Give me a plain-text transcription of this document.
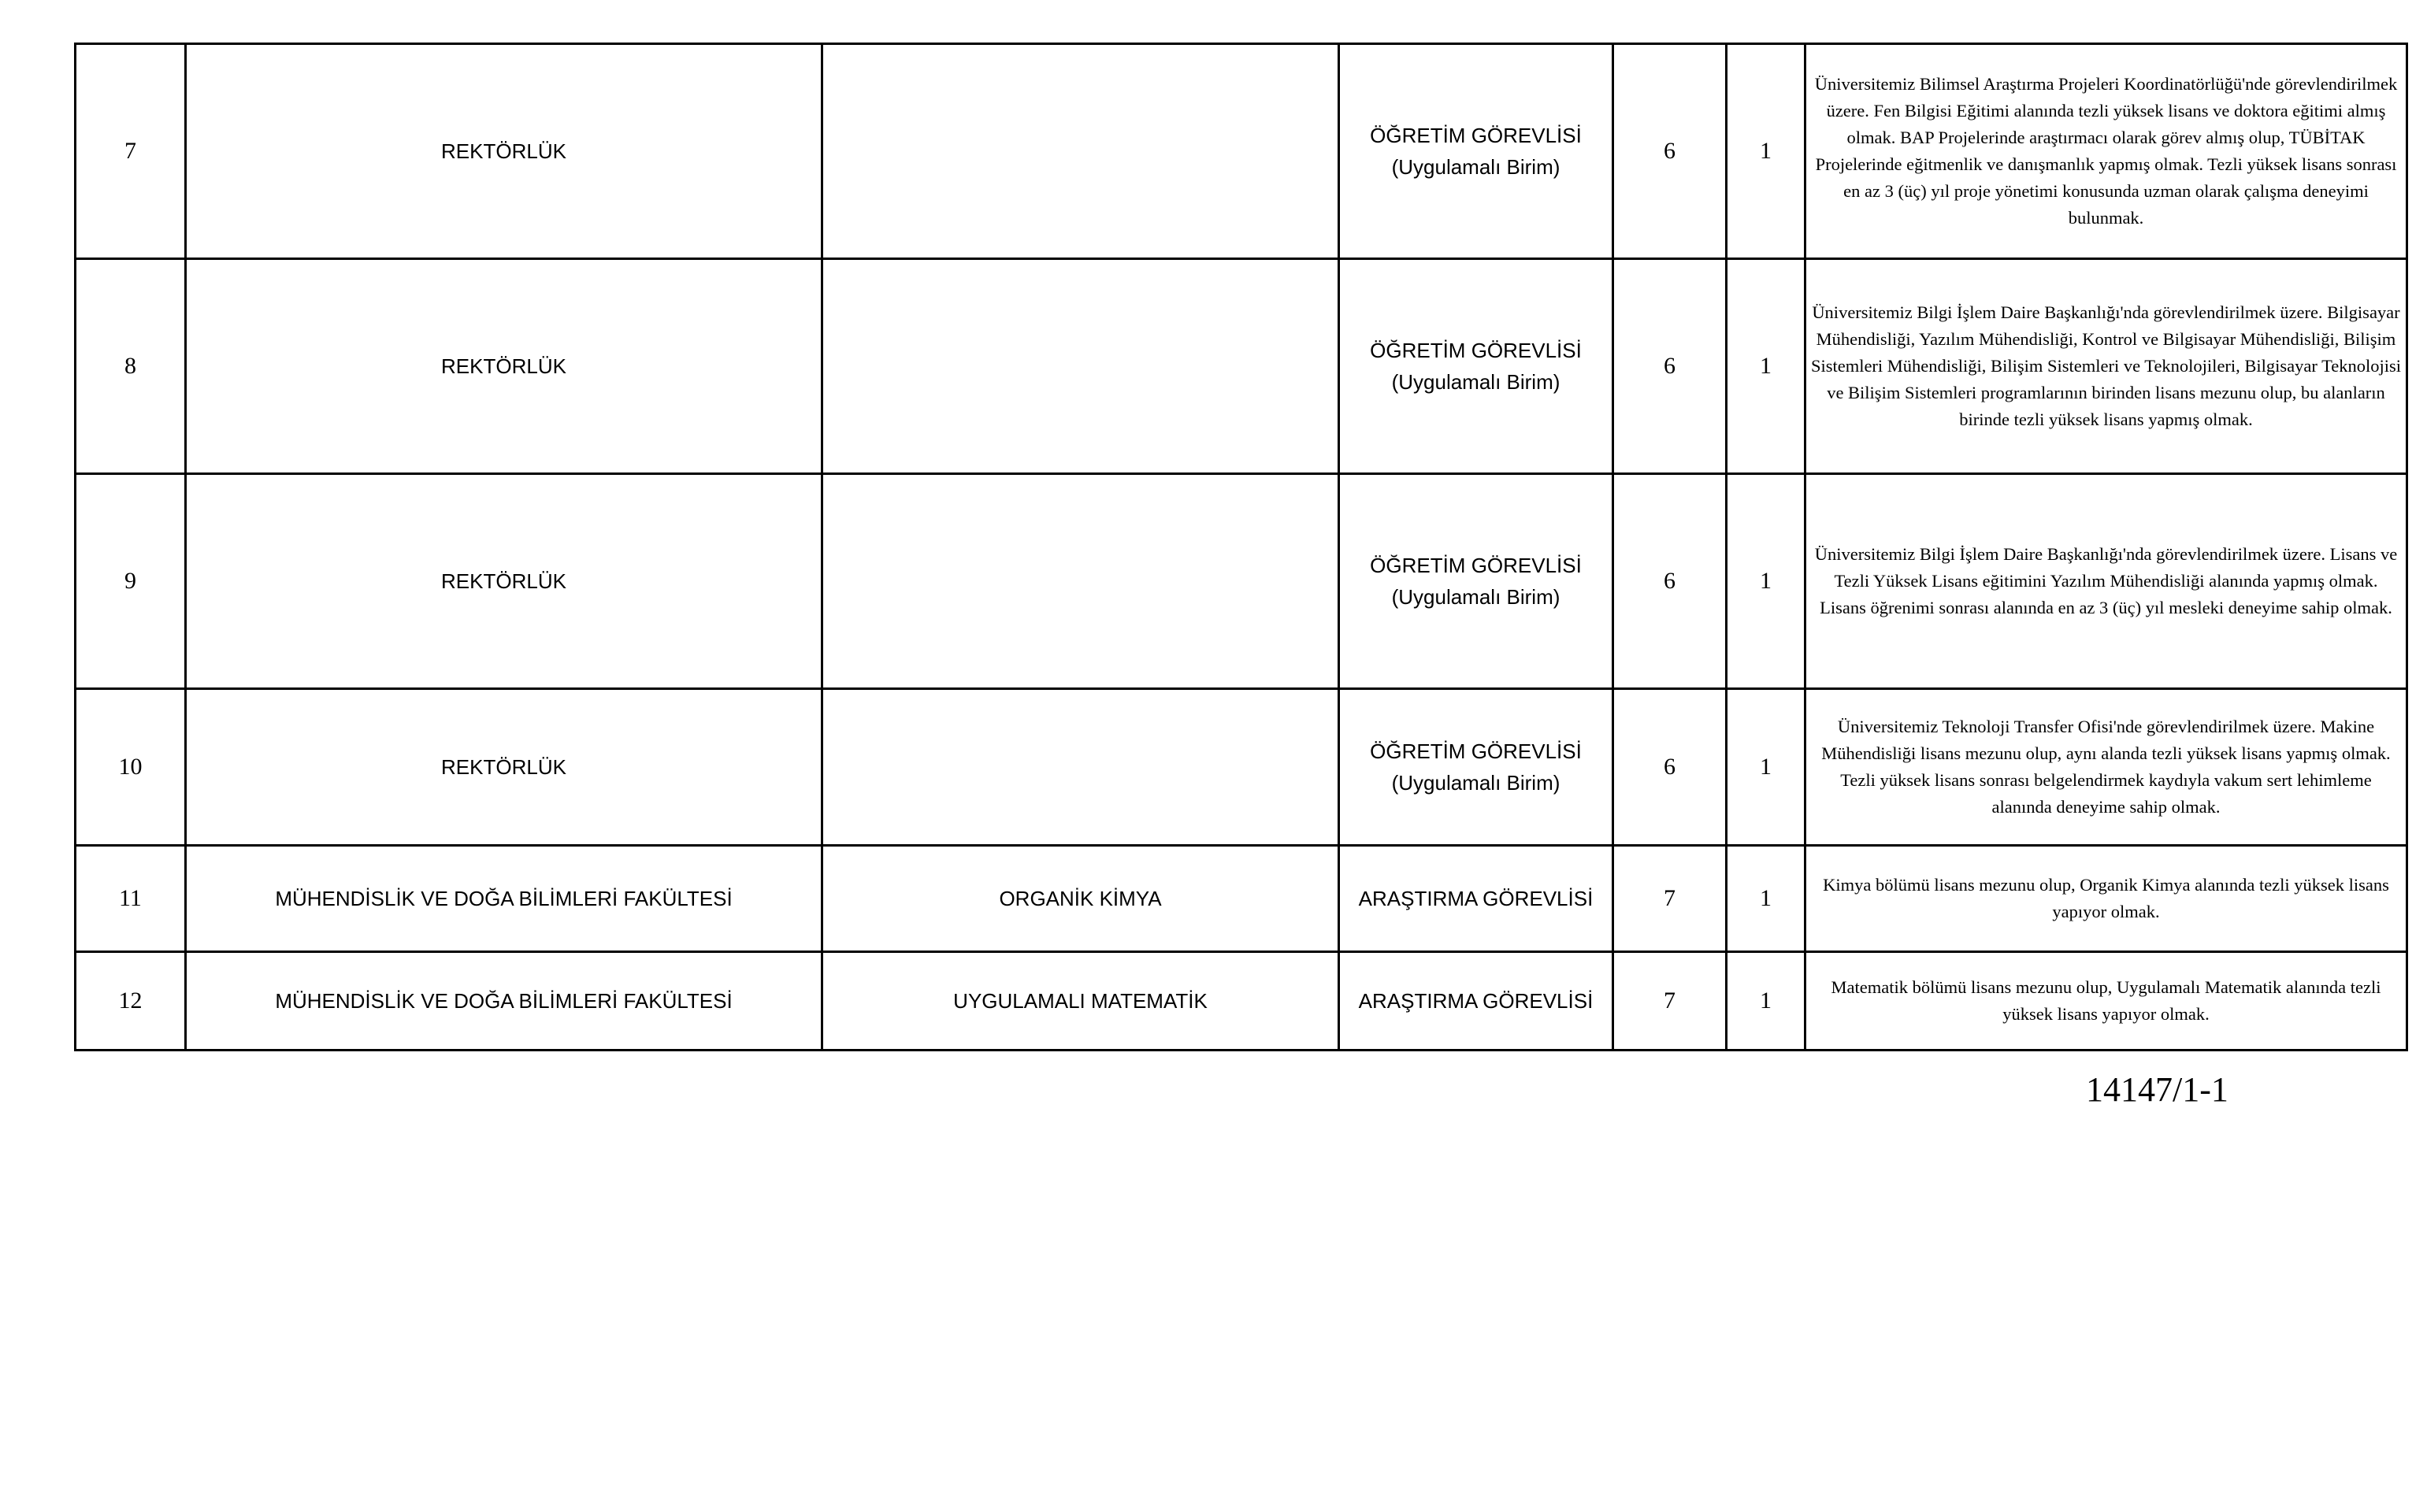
7	REKTÖRLÜK		ÖĞRETİM GÖREVLİSİ
(Uygulamalı Birim)	6	1	Üniversitemiz Bilimsel Araştırma Projeleri Koordinatörlüğü'nde görevlendirilmek üzere. Fen Bilgisi Eğitimi alanında tezli yüksek lisans ve doktora eğitimi almış olmak. BAP Projelerinde araştırmacı olarak görev almış olup, TÜBİTAK Projelerinde eğitmenlik ve danışmanlık yapmış olmak. Tezli yüksek lisans sonrası en az 3 (üç) yıl proje yönetimi konusunda uzman olarak çalışma deneyimi bulunmak.
8	REKTÖRLÜK		ÖĞRETİM GÖREVLİSİ
(Uygulamalı Birim)	6	1	Üniversitemiz Bilgi İşlem Daire Başkanlığı'nda görevlendirilmek üzere. Bilgisayar Mühendisliği, Yazılım Mühendisliği, Kontrol ve Bilgisayar Mühendisliği, Bilişim Sistemleri Mühendisliği, Bilişim Sistemleri ve Teknolojileri, Bilgisayar Teknolojisi ve Bilişim Sistemleri programlarının birinden lisans mezunu olup, bu alanların birinde tezli yüksek lisans yapmış olmak.
9	REKTÖRLÜK		ÖĞRETİM GÖREVLİSİ
(Uygulamalı Birim)	6	1	Üniversitemiz Bilgi İşlem Daire Başkanlığı'nda görevlendirilmek üzere. Lisans ve Tezli Yüksek Lisans eğitimini Yazılım Mühendisliği alanında yapmış olmak. Lisans öğrenimi sonrası alanında en az 3 (üç) yıl mesleki deneyime sahip olmak.
10	REKTÖRLÜK		ÖĞRETİM GÖREVLİSİ
(Uygulamalı Birim)	6	1	Üniversitemiz Teknoloji Transfer Ofisi'nde görevlendirilmek üzere. Makine Mühendisliği lisans mezunu olup, aynı alanda tezli yüksek lisans yapmış olmak. Tezli yüksek lisans sonrası belgelendirmek kaydıyla vakum sert lehimleme alanında deneyime sahip olmak.
11	MÜHENDİSLİK VE DOĞA BİLİMLERİ FAKÜLTESİ	ORGANİK KİMYA	ARAŞTIRMA GÖREVLİSİ	7	1	Kimya bölümü lisans mezunu olup, Organik Kimya alanında tezli yüksek lisans yapıyor olmak.
12	MÜHENDİSLİK VE DOĞA BİLİMLERİ FAKÜLTESİ	UYGULAMALI MATEMATİK	ARAŞTIRMA GÖREVLİSİ	7	1	Matematik bölümü lisans mezunu olup, Uygulamalı Matematik alanında tezli yüksek lisans yapıyor olmak.
14147/1-1
